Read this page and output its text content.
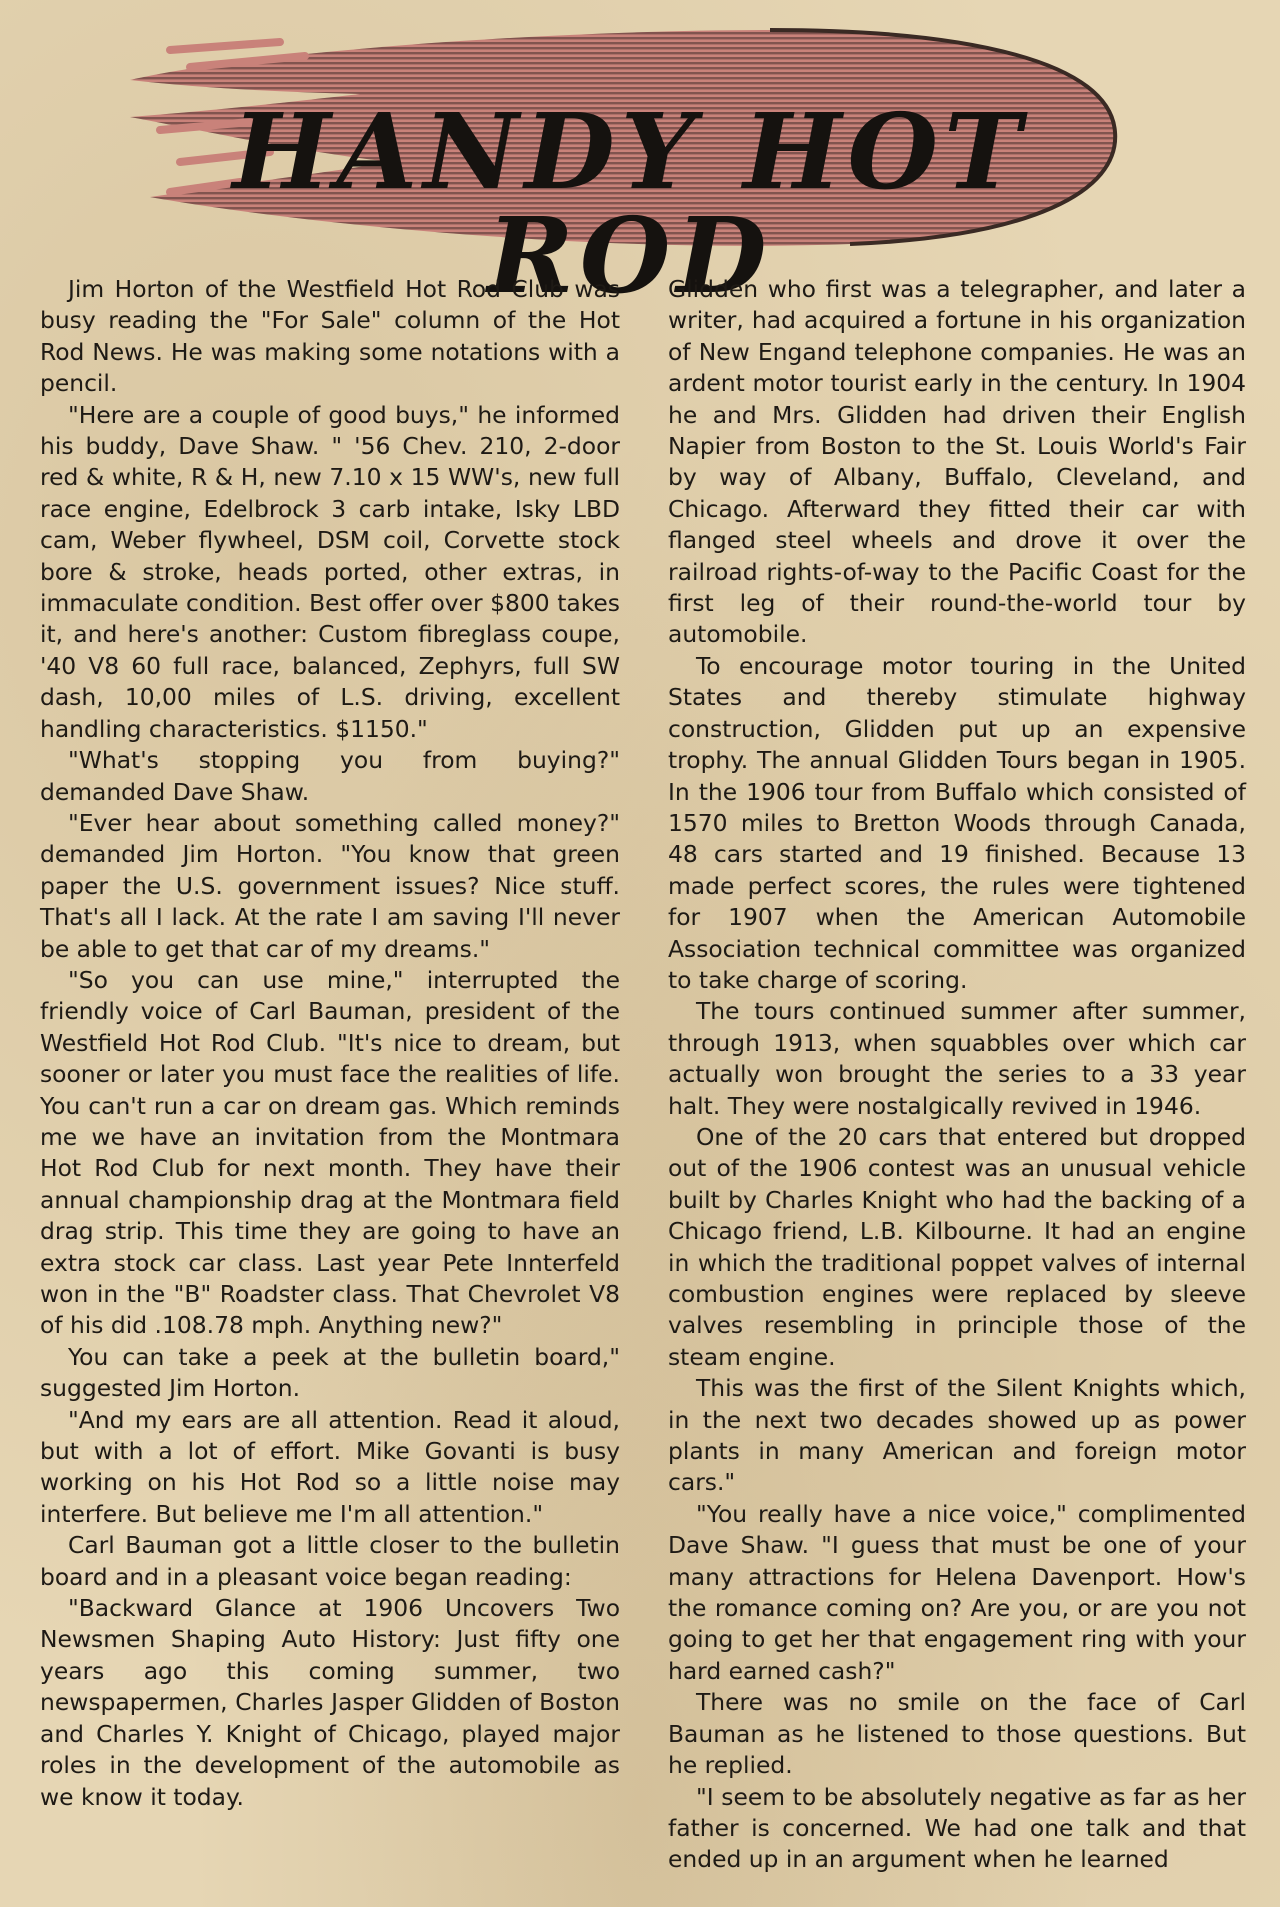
HANDY HOT ROD

Jim Horton of the Westfield Hot Rod Club was busy reading the "For Sale" column of the Hot Rod News. He was making some notations with a pencil.

"Here are a couple of good buys," he informed his buddy, Dave Shaw. " '56 Chev. 210, 2-door red & white, R & H, new 7.10 x 15 WW's, new full race engine, Edelbrock 3 carb intake, Isky LBD cam, Weber flywheel, DSM coil, Corvette stock bore & stroke, heads ported, other extras, in immaculate condition. Best offer over $800 takes it, and here's another: Custom fibreglass coupe, '40 V8 60 full race, balanced, Zephyrs, full SW dash, 10,00 miles of L.S. driving, excellent handling characteristics. $1150."

"What's stopping you from buying?" demanded Dave Shaw.

"Ever hear about something called money?" demanded Jim Horton. "You know that green paper the U.S. government issues? Nice stuff. That's all I lack. At the rate I am saving I'll never be able to get that car of my dreams."

"So you can use mine," interrupted the friendly voice of Carl Bauman, president of the Westfield Hot Rod Club. "It's nice to dream, but sooner or later you must face the realities of life. You can't run a car on dream gas. Which reminds me we have an invitation from the Montmara Hot Rod Club for next month. They have their annual championship drag at the Montmara field drag strip. This time they are going to have an extra stock car class. Last year Pete Innterfeld won in the "B" Roadster class. That Chevrolet V8 of his did .108.78 mph. Anything new?"

You can take a peek at the bulletin board," suggested Jim Horton.

"And my ears are all attention. Read it aloud, but with a lot of effort. Mike Govanti is busy working on his Hot Rod so a little noise may interfere. But believe me I'm all attention."

Carl Bauman got a little closer to the bulletin board and in a pleasant voice began reading:

"Backward Glance at 1906 Uncovers Two Newsmen Shaping Auto History: Just fifty one years ago this coming summer, two newspapermen, Charles Jasper Glidden of Boston and Charles Y. Knight of Chicago, played major roles in the development of the automobile as we know it today.

Glidden who first was a telegrapher, and later a writer, had acquired a fortune in his organization of New Engand telephone companies. He was an ardent motor tourist early in the century. In 1904 he and Mrs. Glidden had driven their English Napier from Boston to the St. Louis World's Fair by way of Albany, Buffalo, Cleveland, and Chicago. Afterward they fitted their car with flanged steel wheels and drove it over the railroad rights-of-way to the Pacific Coast for the first leg of their round-the-world tour by automobile.

To encourage motor touring in the United States and thereby stimulate highway construction, Glidden put up an expensive trophy. The annual Glidden Tours began in 1905. In the 1906 tour from Buffalo which consisted of 1570 miles to Bretton Woods through Canada, 48 cars started and 19 finished. Because 13 made perfect scores, the rules were tightened for 1907 when the American Automobile Association technical committee was organized to take charge of scoring.

The tours continued summer after summer, through 1913, when squabbles over which car actually won brought the series to a 33 year halt. They were nostalgically revived in 1946.

One of the 20 cars that entered but dropped out of the 1906 contest was an unusual vehicle built by Charles Knight who had the backing of a Chicago friend, L.B. Kilbourne. It had an engine in which the traditional poppet valves of internal combustion engines were replaced by sleeve valves resembling in principle those of the steam engine.

This was the first of the Silent Knights which, in the next two decades showed up as power plants in many American and foreign motor cars."

"You really have a nice voice," complimented Dave Shaw. "I guess that must be one of your many attractions for Helena Davenport. How's the romance coming on? Are you, or are you not going to get her that engagement ring with your hard earned cash?"

There was no smile on the face of Carl Bauman as he listened to those questions. But he replied.

"I seem to be absolutely negative as far as her father is concerned. We had one talk and that ended up in an argument when he learned
